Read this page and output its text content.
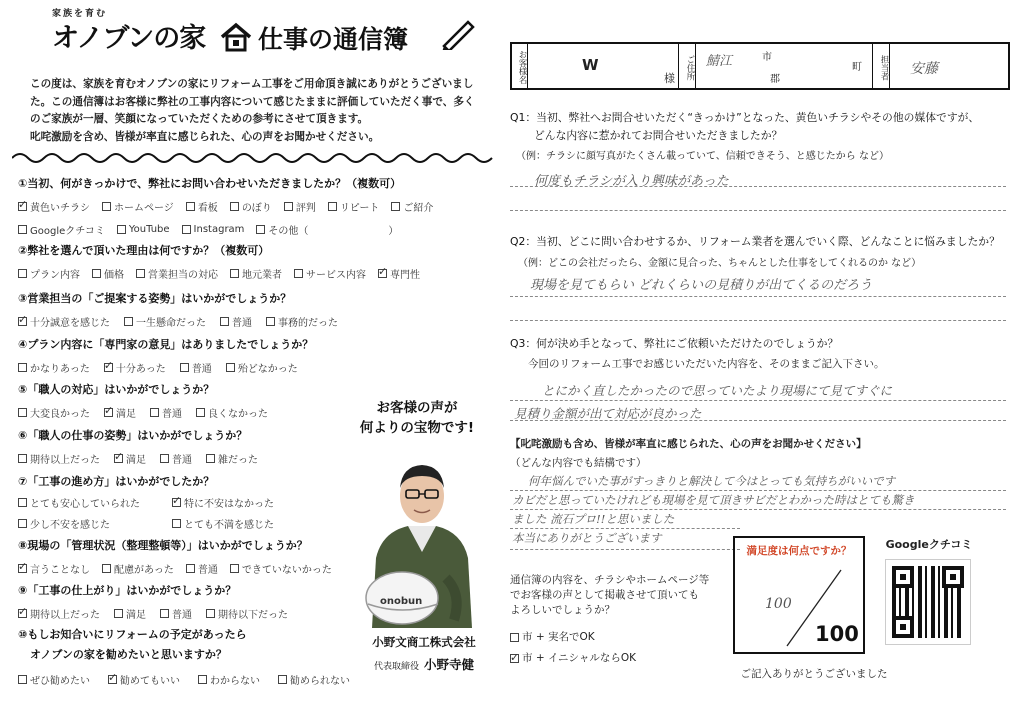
家族を育む
オノブンの家 仕事の通信簿
この度は、家族を育むオノブンの家にリフォーム工事をご用命頂き誠にありがとうございまし
た。この通信簿はお客様に弊社の工事内容について感じたままに評価していただく事で、多く
のご家族が一層、笑顔になっていただくための参考にさせて頂きます。
叱咤激励を含め、皆様が率直に感じられた、心の声をお聞かせください。
①当初、何がきっかけで、弊社にお問い合わせいただきましたか？（複数可）
✓
黄色いチラシ ホームページ 看板 のぼり 評判 リピート ご紹介
Googleクチコミ YouTube Instagram その他（　　　　　　　　）
②弊社を選んで頂いた理由は何ですか？（複数可）
プラン内容 価格 営業担当の対応 地元業者 サービス内容 ✓ 専門性
③営業担当の「ご提案する姿勢」はいかがでしょうか？
✓
十分誠意を感じた	一生懸命だった	普通	事務的だった
④プラン内容に「専門家の意見」はありましたでしょうか？
かなりあった ✓	十分あった	普通	殆どなかった
⑤「職人の対応」はいかがでしょうか？
大変良かった ✓	満足	普通	良くなかった
⑥「職人の仕事の姿勢」はいかがでしょうか？
期待以上だった ✓	満足	普通	雑だった
⑦「工事の進め方」はいかがでしたか？
とても安心していられた ✓	特に不安はなかった
少し不安を感じた	とても不満を感じた
⑧現場の「管理状況（整理整頓等）」はいかがでしょうか？
✓
言うことなし 配慮があった 普通 できていないかった
⑨「工事の仕上がり」はいかがでしょうか？
✓
期待以上だった	満足	普通	期待以下だった
⑩もしお知合いにリフォームの予定があったら
オノブンの家を勧めたいと思いますか？
ぜひ勧めたい ✓	勧めてもいい	わからない	勧められない
お客様の声が
何よりの宝物です!
onobun
小野文商工株式会社
代表取締役 小野寺健
お客様名	W
様	ご住所 鯖江	市
郡
町	担当者 安藤
Q1：当初、弊社へお問合せいただく“きっかけ”となった、黄色いチラシやその他の媒体ですが、
どんな内容に惹かれてお問合せいただきましたか？
（例：チラシに顔写真がたくさん載っていて、信頼できそう、と感じたから など）
何度もチラシが入り興味があった
Q2：当初、どこに問い合わせするか、リフォーム業者を選んでいく際、どんなことに悩みましたか？
（例：どこの会社だったら、金額に見合った、ちゃんとした仕事をしてくれるのか など）
現場を見てもらい どれくらいの見積りが出てくるのだろう
Q3：何が決め手となって、弊社にご依頼いただけたのでしょうか？
今回のリフォーム工事でお感じいただいた内容を、そのままご記入下さい。
とにかく直したかったので思っていたより現場にて見てすぐに
見積り金額が出て対応が良かった
【叱咤激励も含め、皆様が率直に感じられた、心の声をお聞かせください】
（どんな内容でも結構です）
何年悩んでいた事がすっきりと解決して今はとっても気持ちがいいです
カビだと思っていたけれども現場を見て頂きサビだとわかった時はとても驚き
ました 流石プロ!!と思いました
本当にありがとうございます
通信簿の内容を、チラシやホームページ等
でお客様の声として掲載させて頂いても
よろしいでしょうか？
市 + 実名でOK
✓
市 + イニシャルならOK
満足度は何点ですか？
100
100
Googleクチコミ
ご記入ありがとうございました
